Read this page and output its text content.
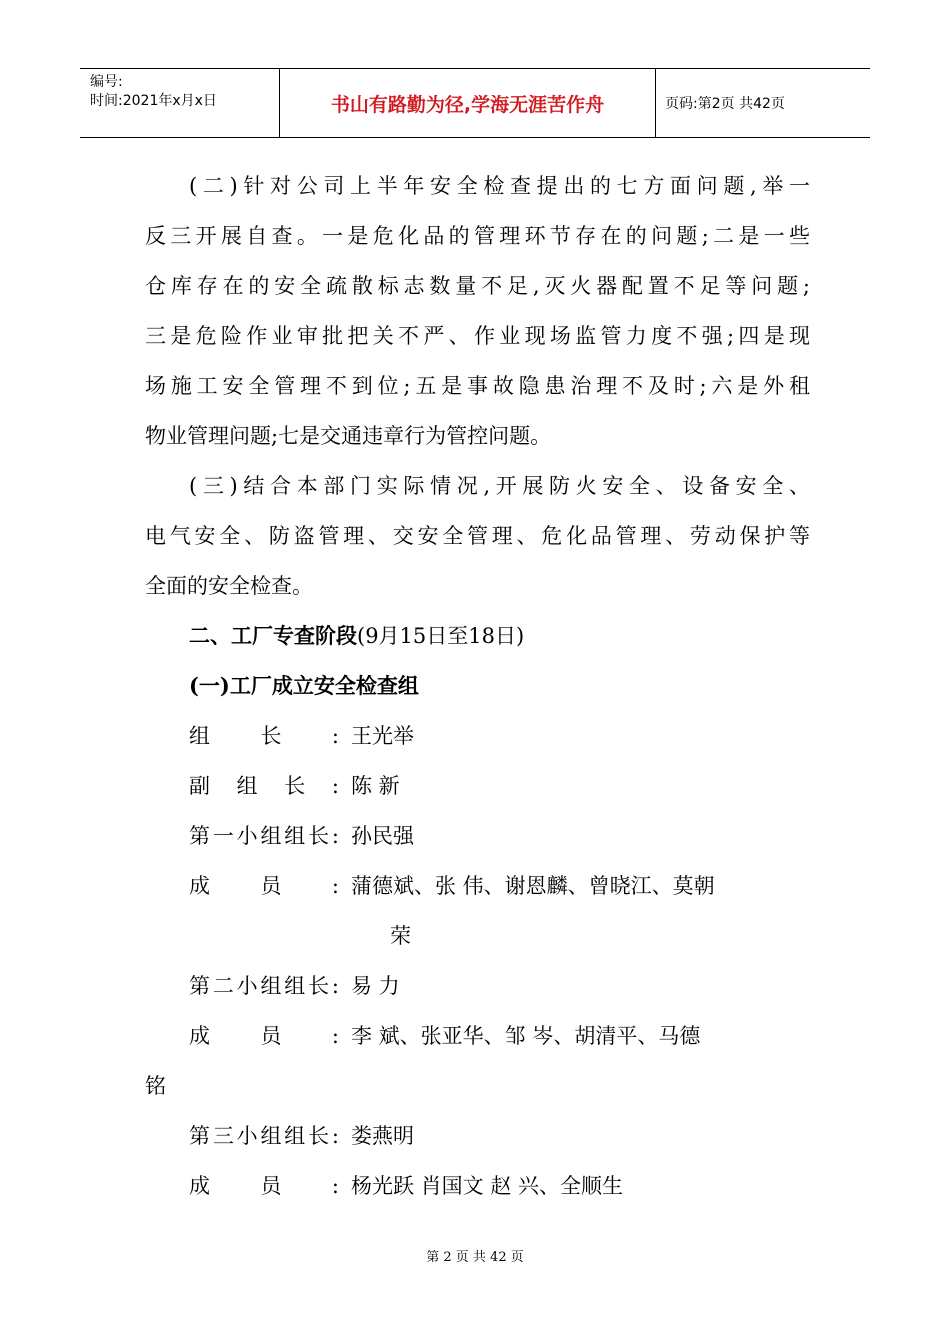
编号:
时间:2021年x月x日	书山有路勤为径,学海无涯苦作舟	页码:第2页 共42页
(二)针对公司上半年安全检查提出的七方面问题,举一
反三开展自查。一是危化品的管理环节存在的问题;二是一些
仓库存在的安全疏散标志数量不足,灭火器配置不足等问题;
三是危险作业审批把关不严、作业现场监管力度不强;四是现
场施工安全管理不到位;五是事故隐患治理不及时;六是外租
物业管理问题;七是交通违章行为管控问题。
(三)结合本部门实际情况,开展防火安全、设备安全、
电气安全、防盗管理、交安全管理、危化品管理、劳动保护等
全面的安全检查。
二、工厂专查阶段(9月15日至18日)
(一)工厂成立安全检查组
组长: 王光举
副组长: 陈 新
第一小组组长: 孙民强
成员: 蒲德斌、张 伟、谢恩麟、曾晓江、莫朝
荣
第二小组组长: 易 力
成员: 李 斌、张亚华、邹 岑、胡清平、马德
铭
第三小组组长: 娄燕明
成员: 杨光跃 肖国文 赵 兴、全顺生
第 2 页 共 42 页
